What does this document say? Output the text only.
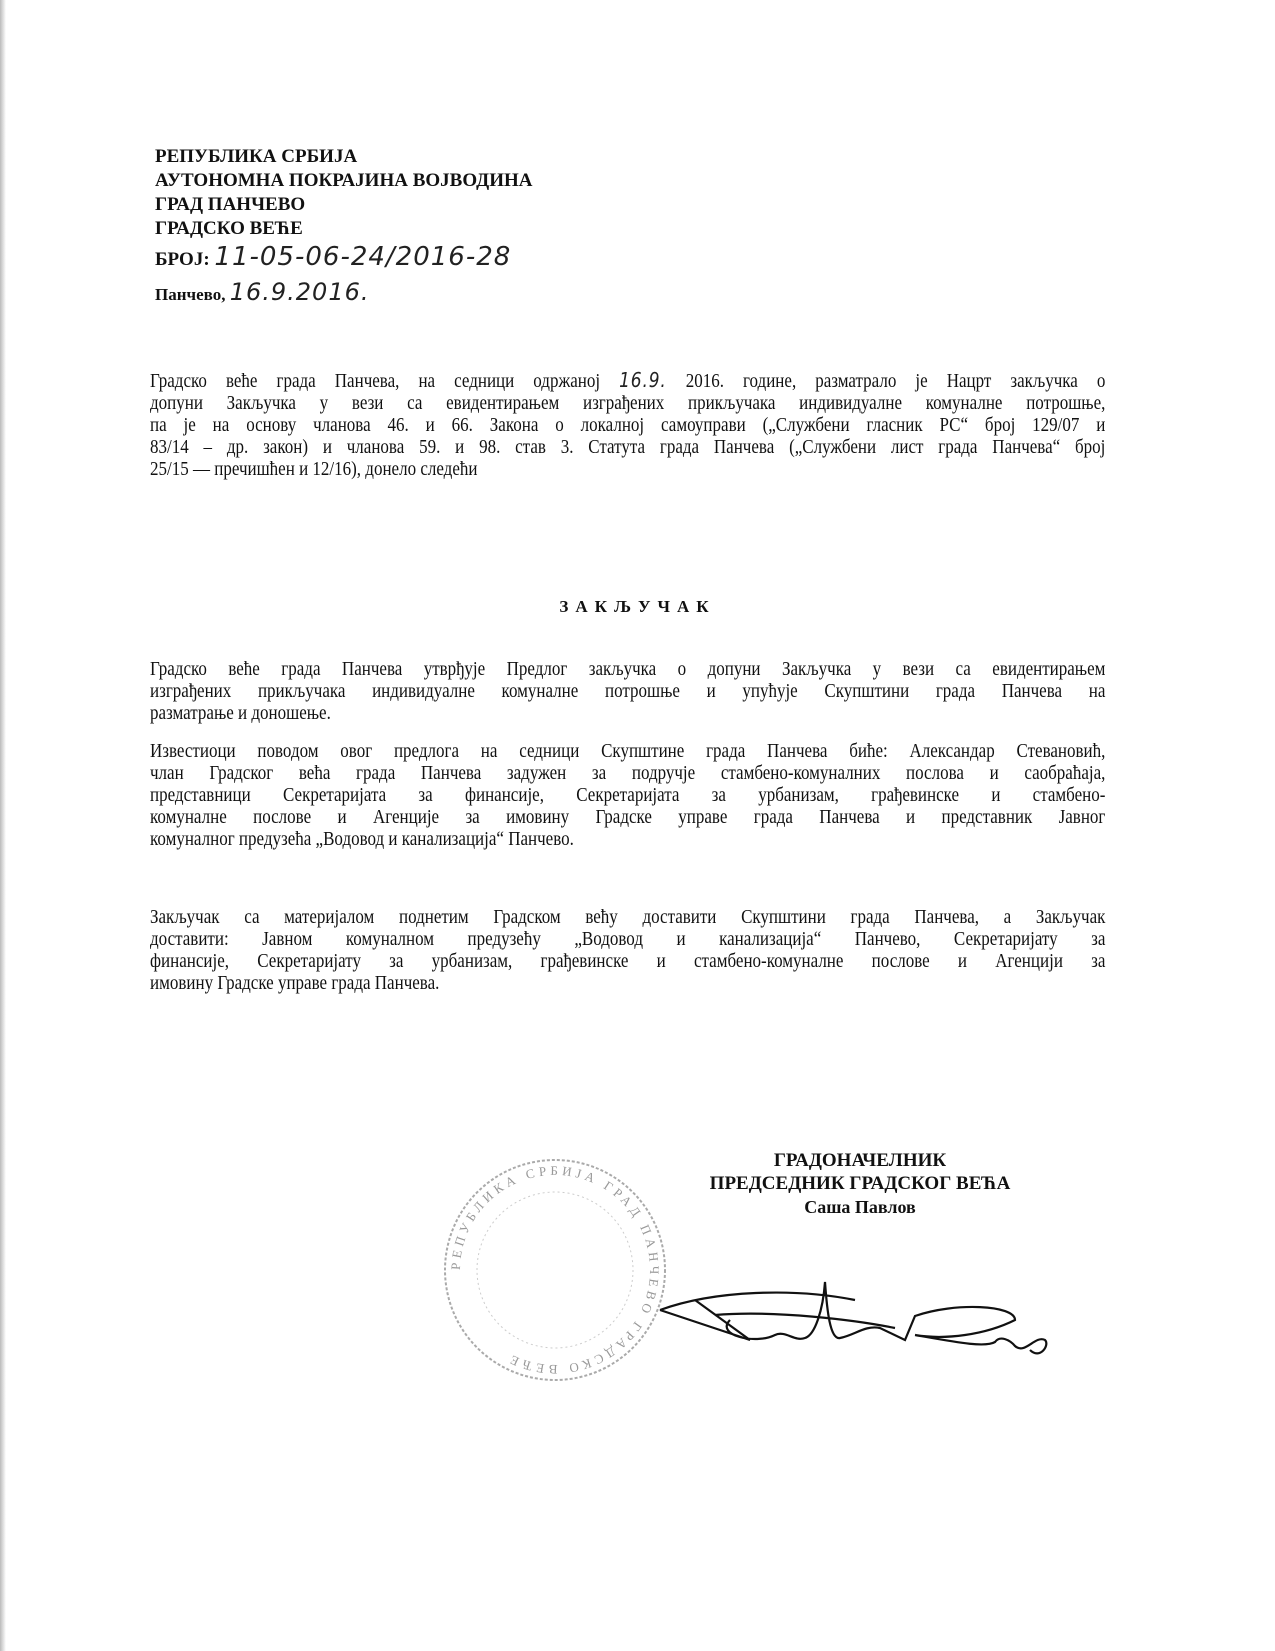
РЕПУБЛИКА СРБИЈА
АУТОНОМНА ПОКРАЈИНА ВОЈВОДИНА
ГРАД ПАНЧЕВО
ГРАДСКО ВЕЋЕ
БРОЈ: 11-05-06-24/2016-28
Панчево, 16.9.2016.
Градско веће града Панчева, на седници одржаној 16.9. 2016. године, разматрало је Нацрт закључка о
допуни Закључка у вези са евидентирањем изграђених прикључака индивидуалне комуналне потрошње,
па је на основу чланова 46. и 66. Закона о локалној самоуправи („Службени гласник РС“ број 129/07 и
83/14 – др. закон) и чланова 59. и 98. став 3. Статута града Панчева („Службени лист града Панчева“ број
25/15 — пречишћен и 12/16), донело следећи
ЗАКЉУЧАК
Градско веће града Панчева утврђује Предлог закључка о допуни Закључка у вези са евидентирањем
изграђених прикључака индивидуалне комуналне потрошње и упућује Скупштини града Панчева на
разматрање и доношење.
Известиоци поводом овог предлога на седници Скупштине града Панчева биће: Александар Стевановић,
члан Градског већа града Панчева задужен за подручје стамбено-комуналних послова и саобраћаја,
представници Секретаријата за финансије, Секретаријата за урбанизам, грађевинске и стамбено-
комуналне послове и Агенције за имовину Градске управе града Панчева и представник Јавног
комуналног предузећа „Водовод и канализација“ Панчево.
Закључак са материјалом поднетим Градском већу доставити Скупштини града Панчева, а Закључак
доставити: Јавном комуналном предузећу „Водовод и канализација“ Панчево, Секретаријату за
финансије, Секретаријату за урбанизам, грађевинске и стамбено-комуналне послове и Агенцији за
имовину Градске управе града Панчева.
РЕПУБЛИКА СРБИЈА ГРАД ПАНЧЕВО ГРАДСКО ВЕЋЕ
ГРАДОНАЧЕЛНИК
ПРЕДСЕДНИК ГРАДСКОГ ВЕЋА
Саша Павлов
